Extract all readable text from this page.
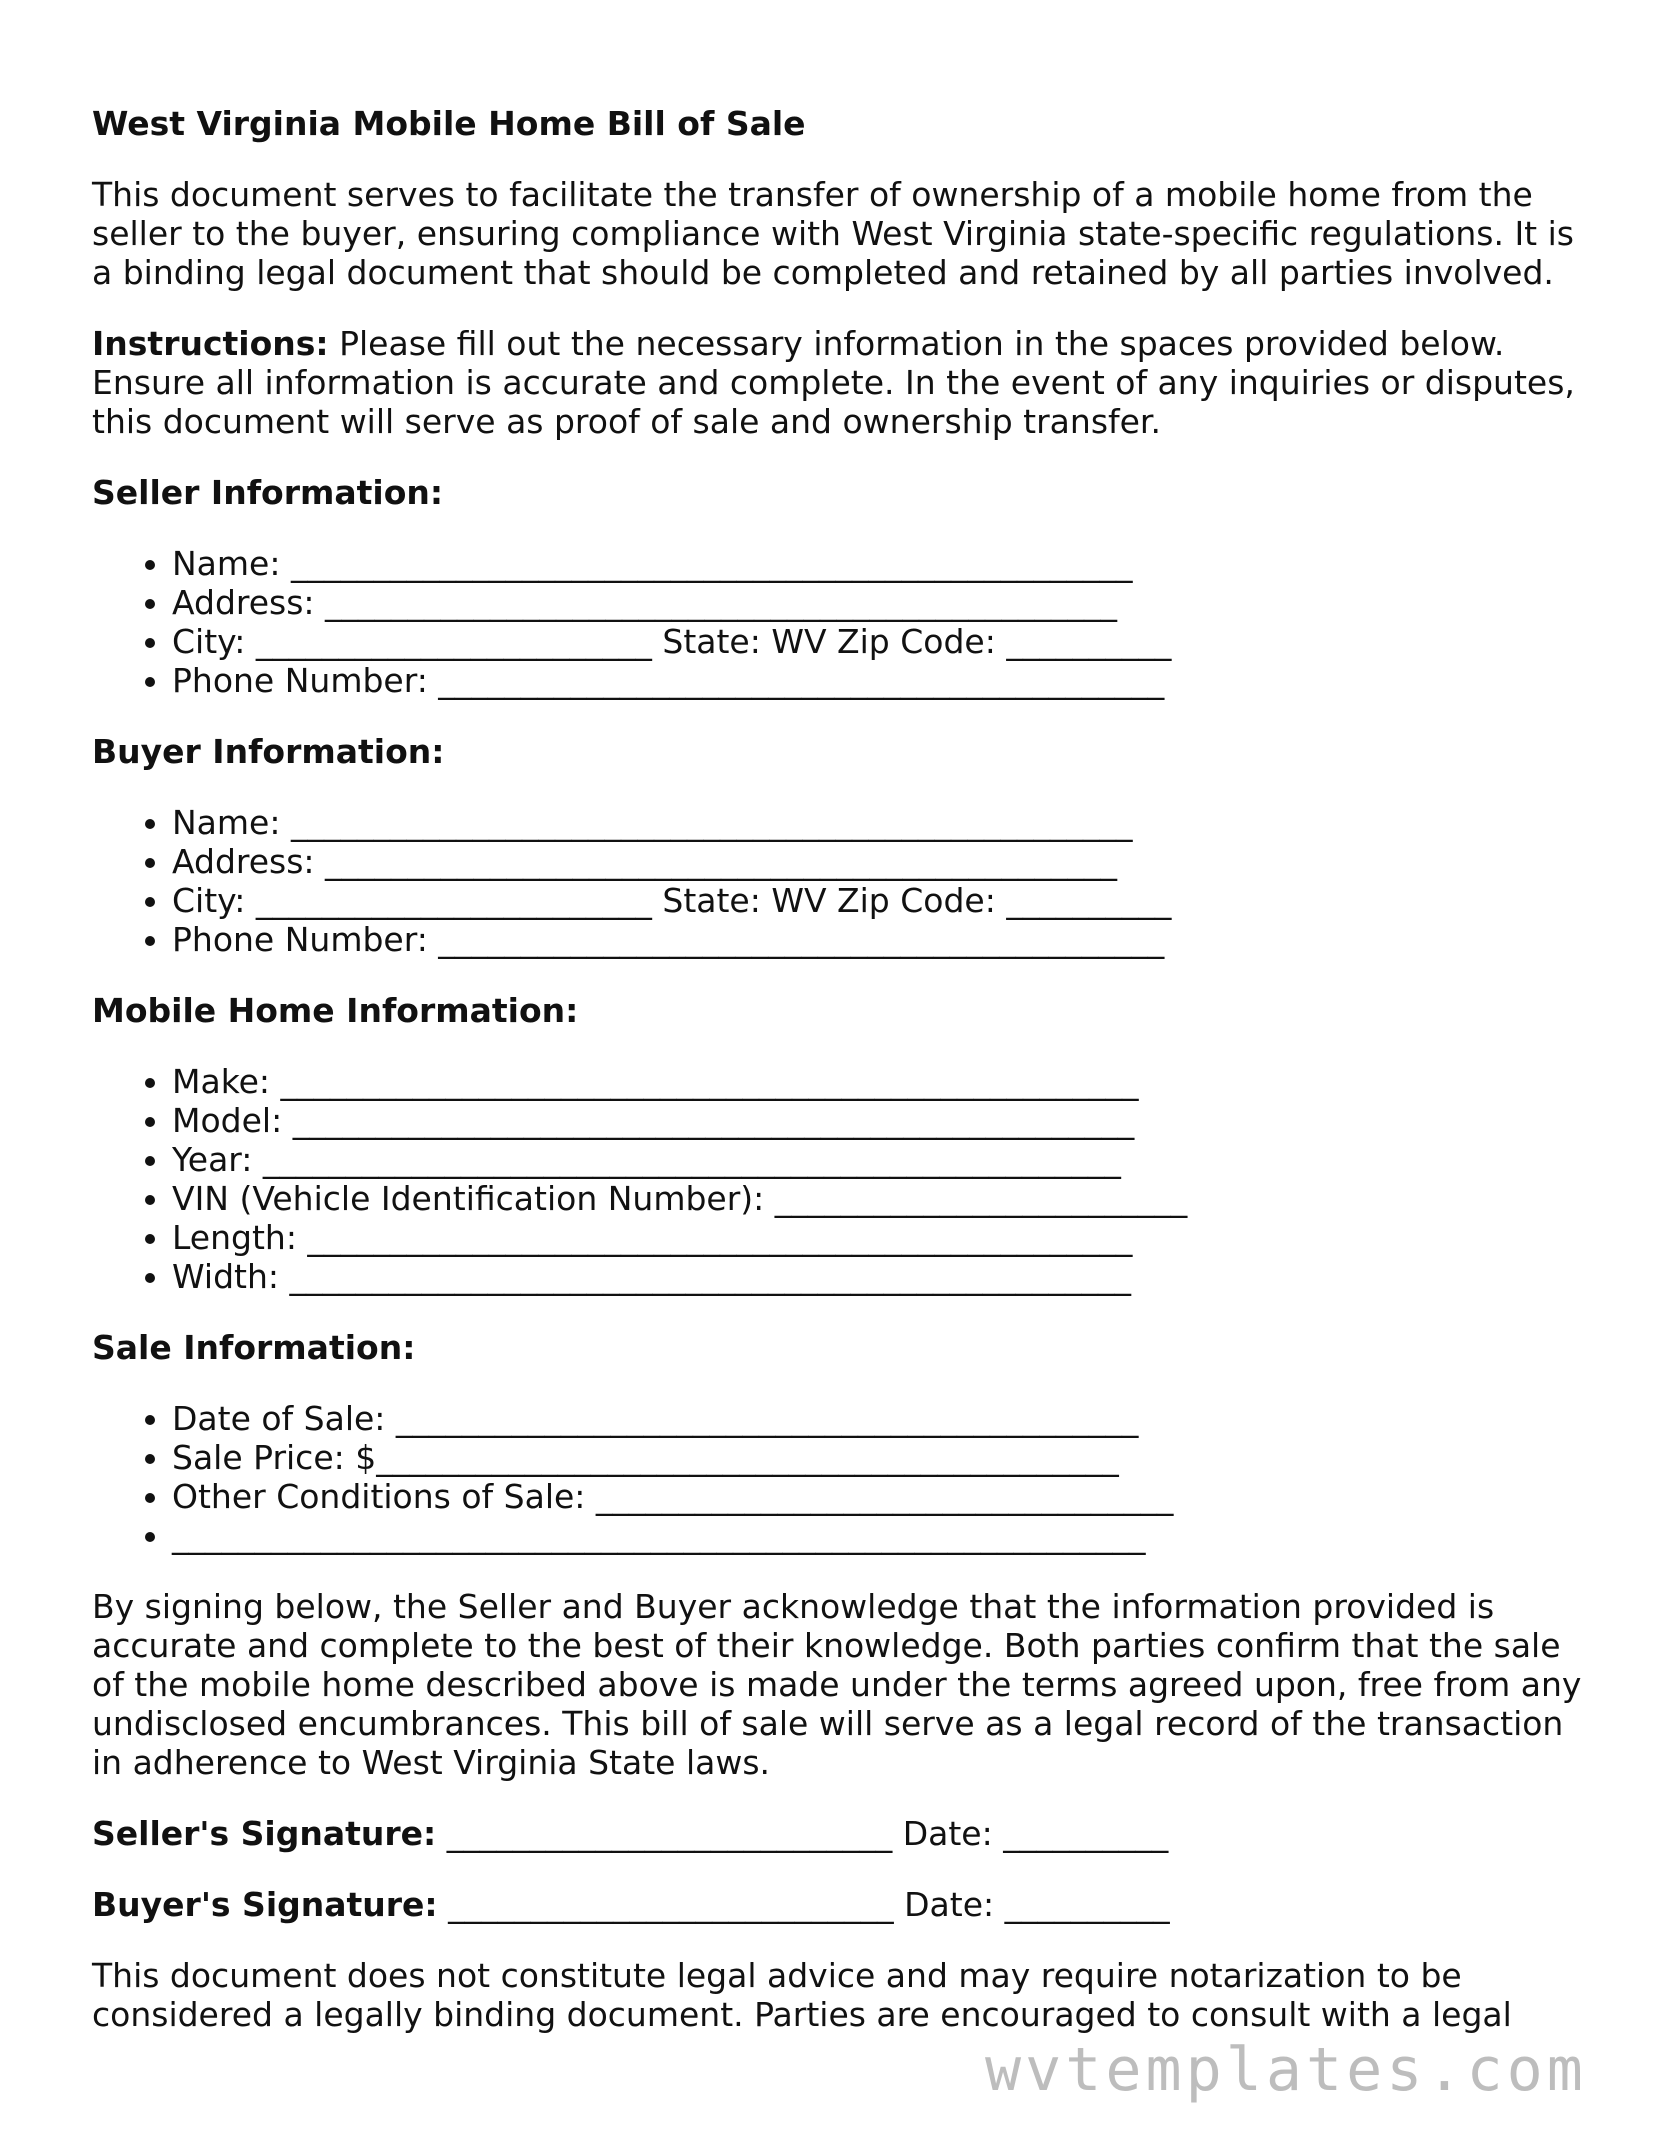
West Virginia Mobile Home Bill of Sale

This document serves to facilitate the transfer of ownership of a mobile home from the seller to the buyer, ensuring compliance with West Virginia state-specific regulations. It is a binding legal document that should be completed and retained by all parties involved.

Instructions: Please fill out the necessary information in the spaces provided below. Ensure all information is accurate and complete. In the event of any inquiries or disputes, this document will serve as proof of sale and ownership transfer.

Seller Information:
• Name: ___________________________________________________
• Address: ________________________________________________
• City: ________________________ State: WV Zip Code: __________
• Phone Number: ____________________________________________
Buyer Information:
• Name: ___________________________________________________
• Address: ________________________________________________
• City: ________________________ State: WV Zip Code: __________
• Phone Number: ____________________________________________
Mobile Home Information:
• Make: ____________________________________________________
• Model: ___________________________________________________
• Year: ____________________________________________________
• VIN (Vehicle Identification Number): _________________________
• Length: __________________________________________________
• Width: ___________________________________________________
Sale Information:
• Date of Sale: _____________________________________________
• Sale Price: $_____________________________________________
• Other Conditions of Sale: ___________________________________
• ___________________________________________________________

By signing below, the Seller and Buyer acknowledge that the information provided is accurate and complete to the best of their knowledge. Both parties confirm that the sale of the mobile home described above is made under the terms agreed upon, free from any undisclosed encumbrances. This bill of sale will serve as a legal record of the transaction in adherence to West Virginia State laws.

Seller's Signature: ___________________________ Date: __________
Buyer's Signature: ___________________________ Date: __________

This document does not constitute legal advice and may require notarization to be considered a legally binding document. Parties are encouraged to consult with a legal

wvtemplates.com
